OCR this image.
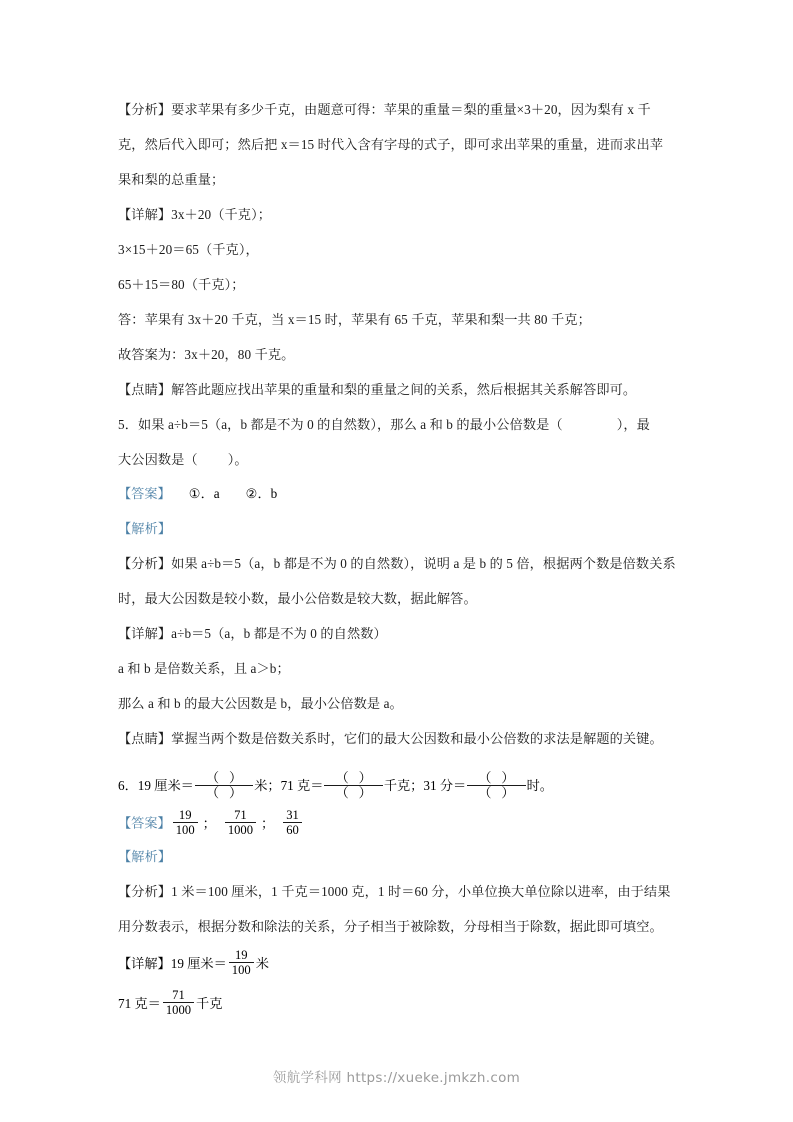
【分析】要求苹果有多少千克，由题意可得：苹果的重量＝梨的重量×3＋20，因为梨有 x 千克，然后代入即可；然后把 x＝15 时代入含有字母的式子，即可求出苹果的重量，进而求出苹果和梨的总重量；
【详解】3x＋20（千克）；
3×15＋20＝65（千克），
65＋15＝80（千克）；
答：苹果有 3x＋20 千克，当 x＝15 时，苹果有 65 千克，苹果和梨一共 80 千克；
故答案为：3x＋20，80 千克。
【点睛】解答此题应找出苹果的重量和梨的重量之间的关系，然后根据其关系解答即可。
5．如果 a÷b＝5（a，b 都是不为 0 的自然数），那么 a 和 b 的最小公倍数是（	），最
大公因数是（ ）。
【答案】 ①．a ②．b
【解析】
【分析】如果 a÷b＝5（a，b 都是不为 0 的自然数），说明 a 是 b 的 5 倍，根据两个数是倍数关系时，最大公因数是较小数，最小公倍数是较大数，据此解答。
【详解】a÷b＝5（a，b 都是不为 0 的自然数）
a 和 b 是倍数关系，且 a＞b；
那么 a 和 b 的最大公因数是 b，最小公倍数是 a。
【点睛】掌握当两个数是倍数关系时，它们的最大公因数和最小公倍数的求法是解题的关键。
6．19 厘米＝ $\frac{()}{()}$ 米；71 克＝ $\frac{()}{()}$ 千克；31 分＝ $\frac{()}{()}$ 时。
【答案】 $\frac{19}{100}$ ； $\frac{71}{1000}$ ； $\frac{31}{60}$
【解析】
【分析】1 米＝100 厘米，1 千克＝1000 克，1 时＝60 分，小单位换大单位除以进率，由于结果用分数表示，根据分数和除法的关系，分子相当于被除数，分母相当于除数，据此即可填空。
【详解】19 厘米＝ $\frac{19}{100}$ 米
71 克＝ $\frac{71}{1000}$ 千克
领航学科网 https://xueke.jmkzh.com
